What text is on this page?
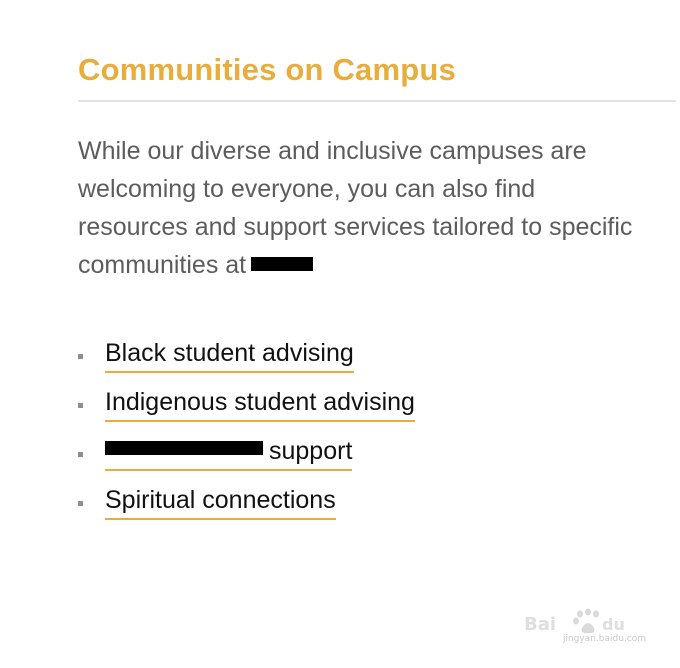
Communities on Campus

While our diverse and inclusive campuses are welcoming to everyone, you can also find resources and support services tailored to specific communities at

Black student advising
Indigenous student advising
support
Spiritual connections
Bai	du
jingyan.baidu.com
